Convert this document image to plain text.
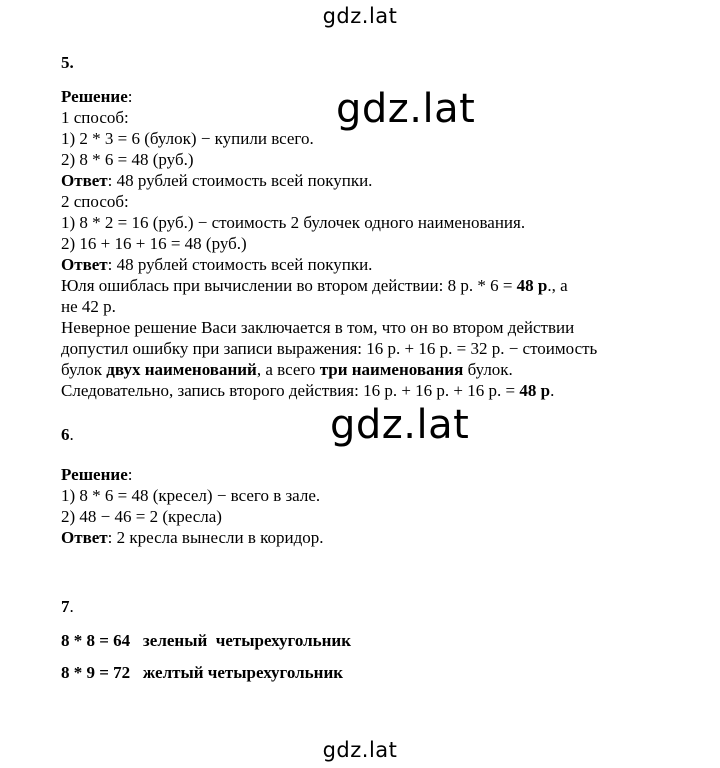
gdz.lat
gdz.lat
gdz.lat
gdz.lat
5.
Решение:
1 способ:
1) 2 * 3 = 6 (булок) − купили всего.
2) 8 * 6 = 48 (руб.)
Ответ: 48 рублей стоимость всей покупки.
2 способ:
1) 8 * 2 = 16 (руб.) − стоимость 2 булочек одного наименования.
2) 16 + 16 + 16 = 48 (руб.)
Ответ: 48 рублей стоимость всей покупки.
Юля ошиблась при вычислении во втором действии: 8 р. * 6 = 48 р., а
не 42 р.
Неверное решение Васи заключается в том, что он во втором действии
допустил ошибку при записи выражения: 16 р. + 16 р. = 32 р. − стоимость
булок двух наименований, а всего три наименования булок.
Следовательно, запись второго действия: 16 р. + 16 р. + 16 р. = 48 р.
6.
Решение:
1) 8 * 6 = 48 (кресел) − всего в зале.
2) 48 − 46 = 2 (кресла)
Ответ: 2 кресла вынесли в коридор.
7.
8 * 8 = 64   зеленый  четырехугольник
8 * 9 = 72   желтый четырехугольник
